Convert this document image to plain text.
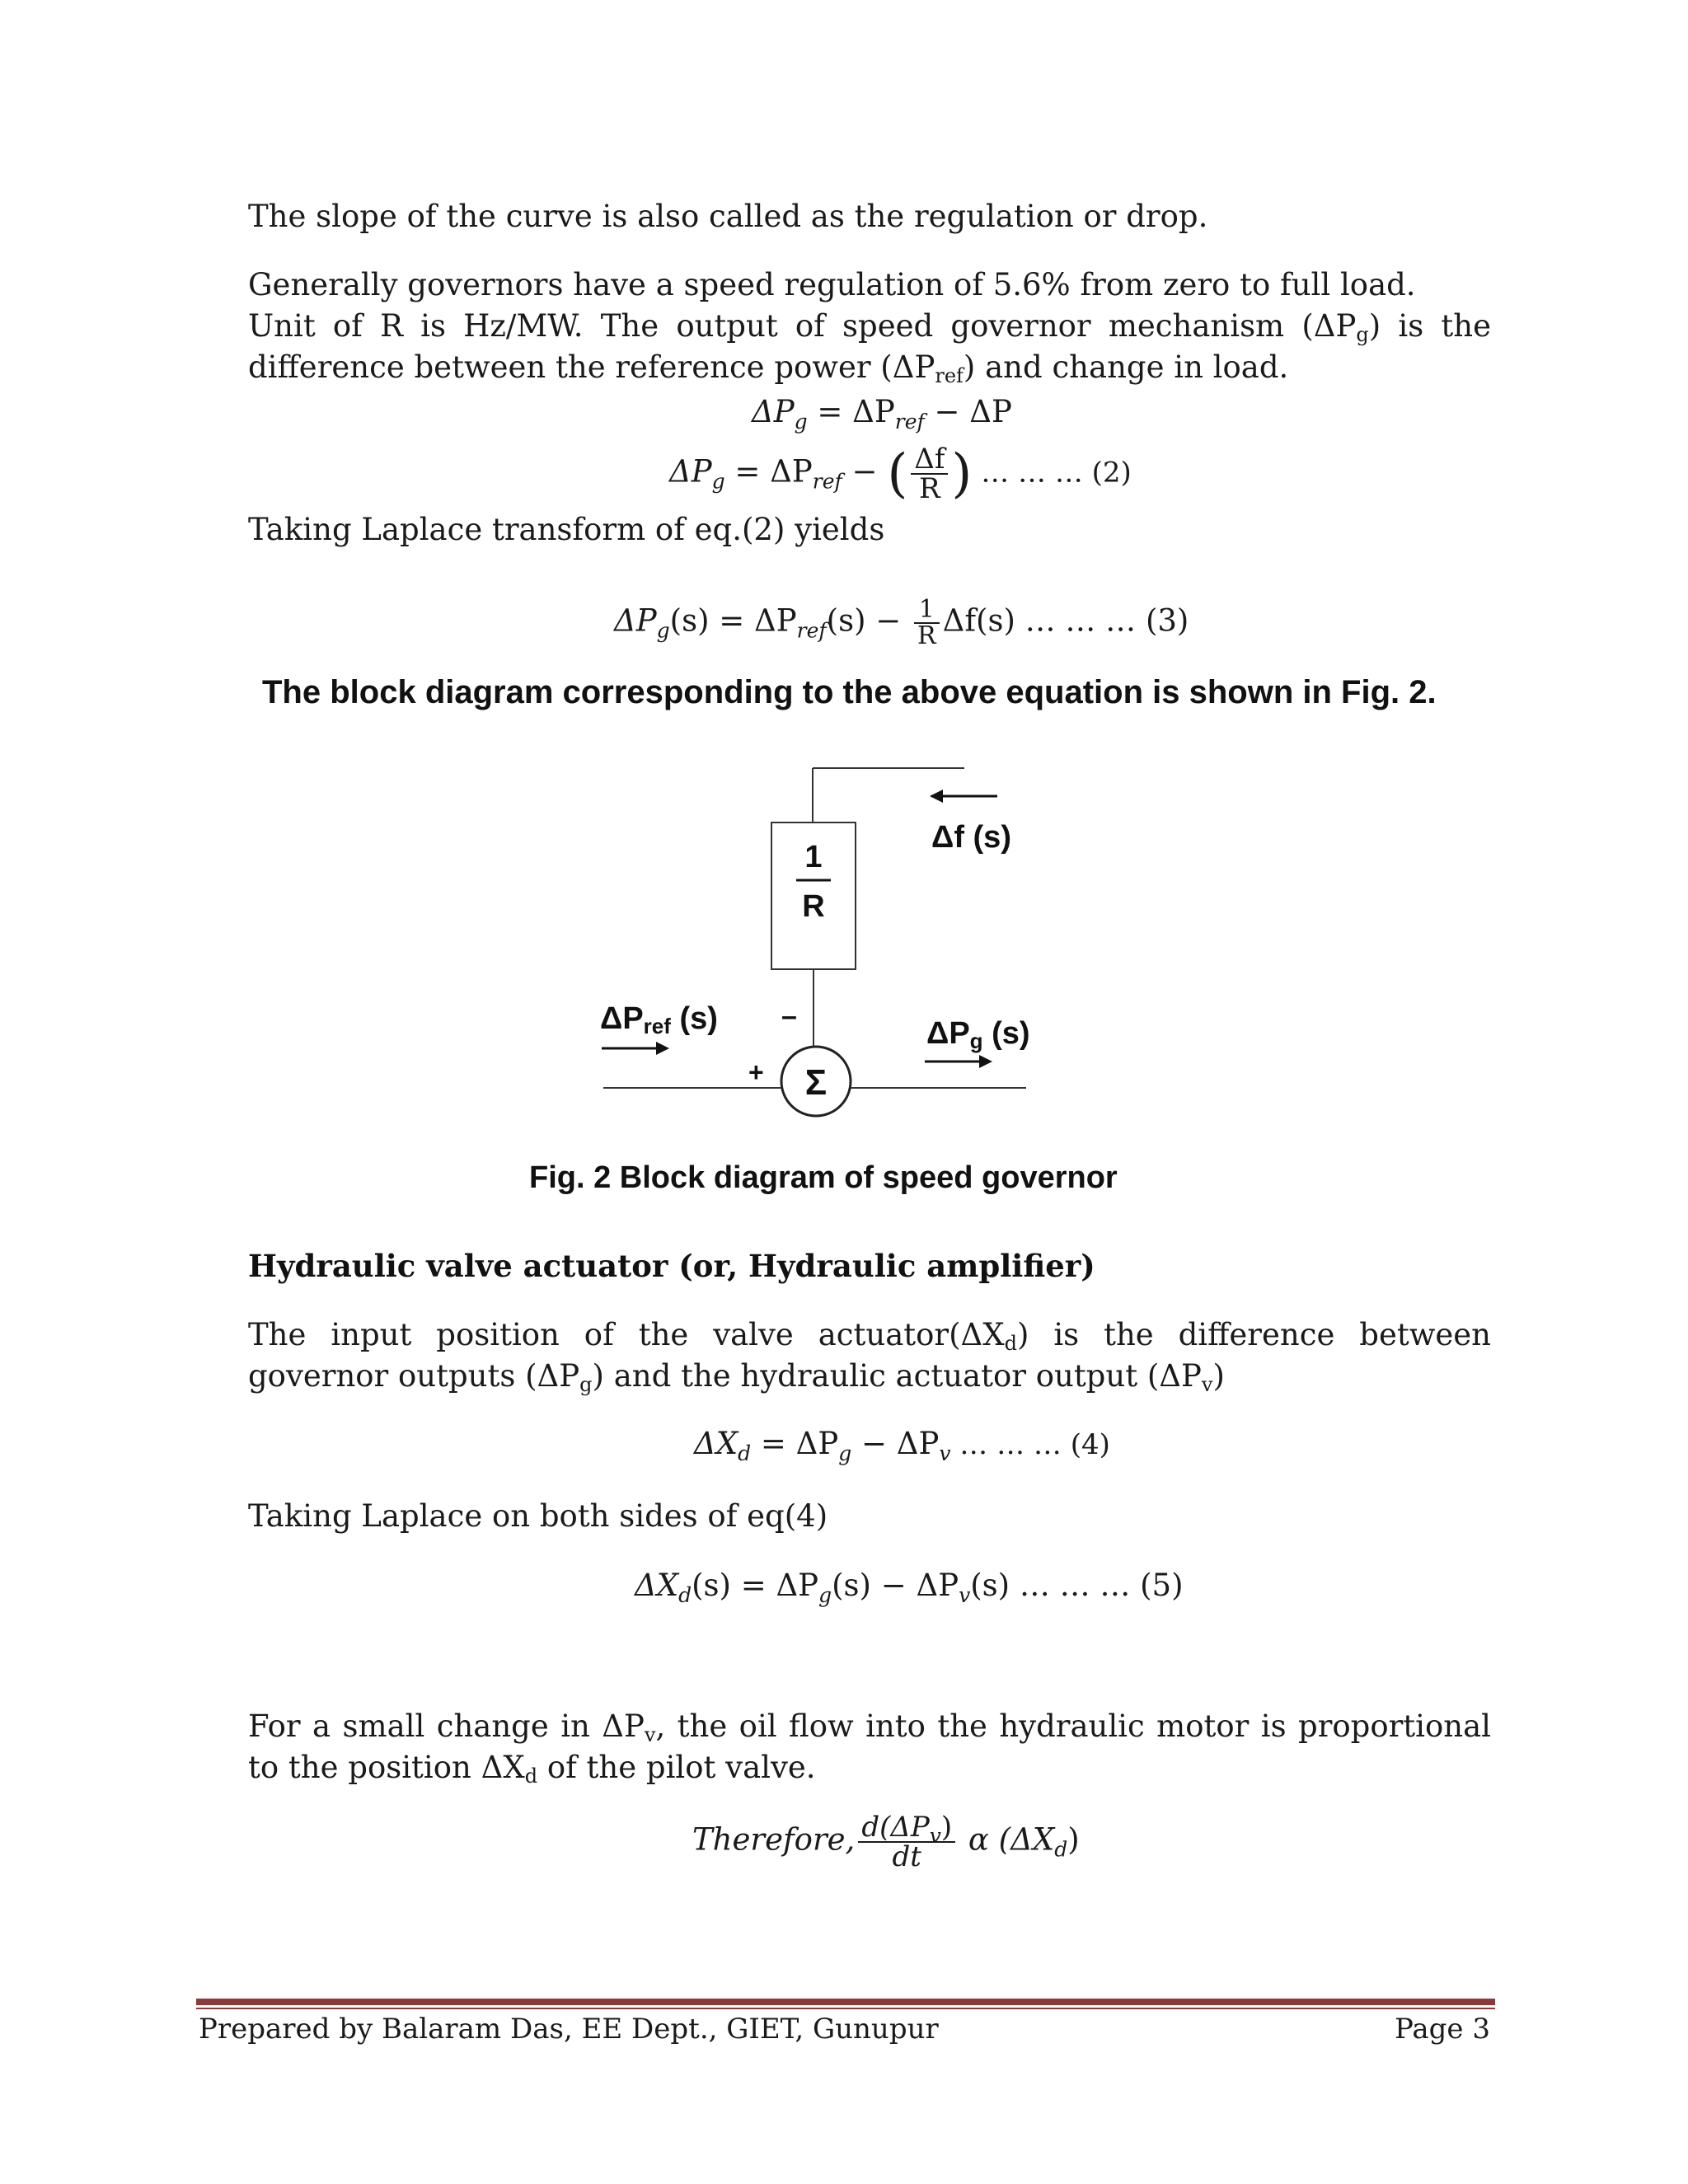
The slope of the curve is also called as the regulation or drop.

Generally governors have a speed regulation of 5.6% from zero to full load.

Unit of R is Hz/MW. The output of speed governor mechanism $(\Delta P_g)$ is the difference between the reference power $(\Delta P_{ref})$ and change in load.

$\Delta P_g = \Delta P_{ref} - \Delta P$
$\Delta P_g = \Delta P_{ref}$ − ( $\frac{\Delta f}{R}$ ) … … … (2)

Taking Laplace transform of eq.(2) yields

$\Delta P_g(s) = \Delta P_{ref}(s) - \frac{1}{R} \Delta f(s)$ … … … (3)
The block diagram corresponding to the above equation is shown in Fig. 2.
Δf (s)
1
R
–
+ Σ
ΔPref (s)	ΔPg (s)
Fig. 2 Block diagram of speed governor
Hydraulic valve actuator (or, Hydraulic amplifier)

The input position of the valve $actuator(\Delta X_d)$ is the difference between governor outputs $(\Delta P_g)$ and the hydraulic actuator output $(\Delta P_v)$

$\Delta X_d = \Delta P_g - \Delta P_v$ … … … (4)

Taking Laplace on both sides of eq(4)

$\Delta X_d(s) = \Delta P_g(s) - \Delta P_v(s)$ … … … (5)

For a small change in $\Delta P_v$, the oil flow into the hydraulic motor is proportional to the position $\Delta X_d$ of the pilot valve.

Therefore, $\frac{d(\Delta P_v)}{dt}$ α $(\Delta X_d)$
Prepared by Balaram Das, EE Dept., GIET, Gunupur	Page 3
